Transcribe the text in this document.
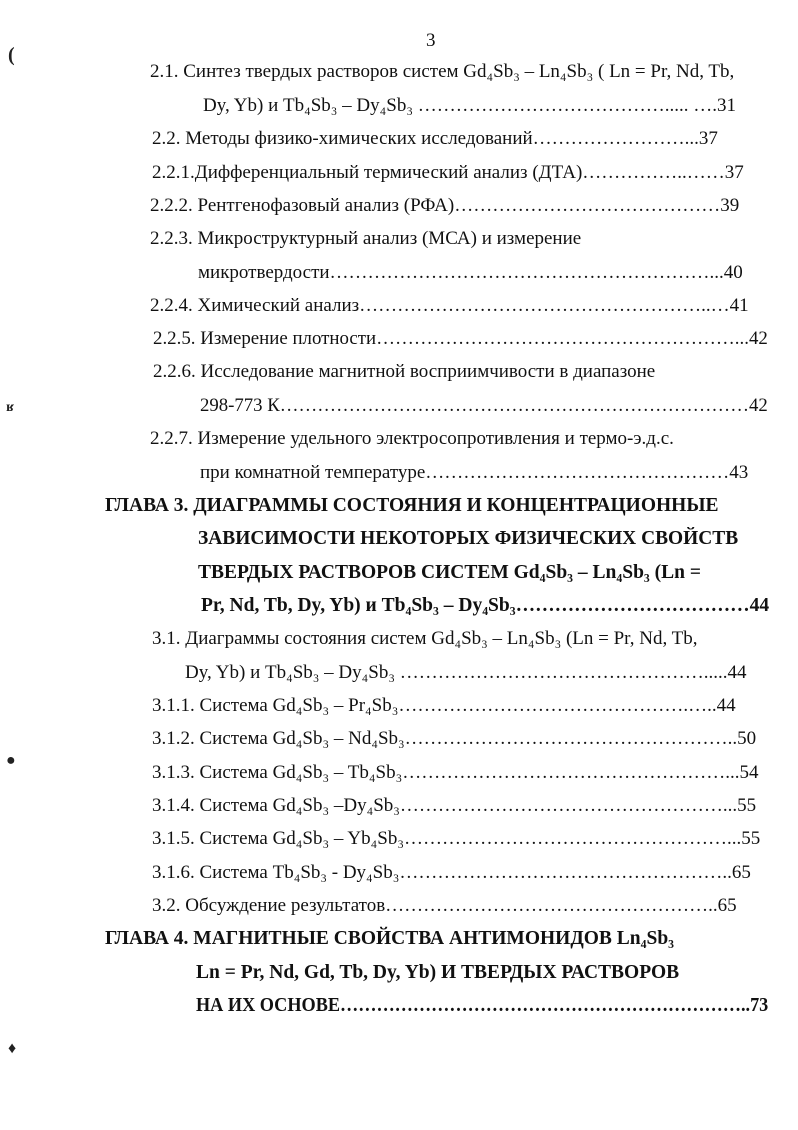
3
2.1. Синтез твердых растворов систем Gd₄Sb₃ – Ln₄Sb₃ ( Ln = Pr, Nd, Tb,
Dy, Yb) и Tb₄Sb₃ – Dy₄Sb₃ …………………………………..... ….31
2.2. Методы физико-химических исследований……………………...37
2.2.1.Дифференциальный термический анализ (ДТА)……………..……37
2.2.2. Рентгенофазовый анализ (РФА)……………………………………39
2.2.3. Микроструктурный анализ (МСА) и измерение
микротвердости……………………………………………………...40
2.2.4. Химический анализ………………………………………………..…41
2.2.5. Измерение плотности…………………………………………………...42
2.2.6. Исследование магнитной восприимчивости в диапазоне
298-773 К…………………………………………………………………42
2.2.7. Измерение удельного электросопротивления и термо-э.д.с.
при комнатной температуре…………………………………………43
ГЛАВА 3. ДИАГРАММЫ СОСТОЯНИЯ И КОНЦЕНТРАЦИОННЫЕ
ЗАВИСИМОСТИ НЕКОТОРЫХ ФИЗИЧЕСКИХ СВОЙСТВ
ТВЕРДЫХ РАСТВОРОВ СИСТЕМ Gd₄Sb₃ – Ln₄Sb₃ (Ln =
Pr, Nd, Tb, Dy, Yb) и Tb₄Sb₃ – Dy₄Sb₃………………………………44
3.1. Диаграммы состояния систем Gd₄Sb₃ – Ln₄Sb₃ (Ln = Pr, Nd, Tb,
Dy, Yb) и Tb₄Sb₃ – Dy₄Sb₃ ………………………………………….....44
3.1.1. Система Gd₄Sb₃ – Pr₄Sb₃……………………………………….…..44
3.1.2. Система Gd₄Sb₃ – Nd₄Sb₃……………………………………………..50
3.1.3. Система Gd₄Sb₃ – Tb₄Sb₃……………………………………………...54
3.1.4. Система Gd₄Sb₃ –Dy₄Sb₃……………………………………………...55
3.1.5. Система Gd₄Sb₃ – Yb₄Sb₃……………………………………………...55
3.1.6. Система Tb₄Sb₃ - Dy₄Sb₃……………………………………………..65
3.2. Обсуждение результатов……………………………………………..65
ГЛАВА 4. МАГНИТНЫЕ СВОЙСТВА АНТИМОНИДОВ Ln₄Sb₃
Ln = Pr, Nd, Gd, Tb, Dy, Yb) И ТВЕРДЫХ РАСТВОРОВ
НА ИХ ОСНОВЕ…………………………………………………………..73
(
ʁ
●
♦
